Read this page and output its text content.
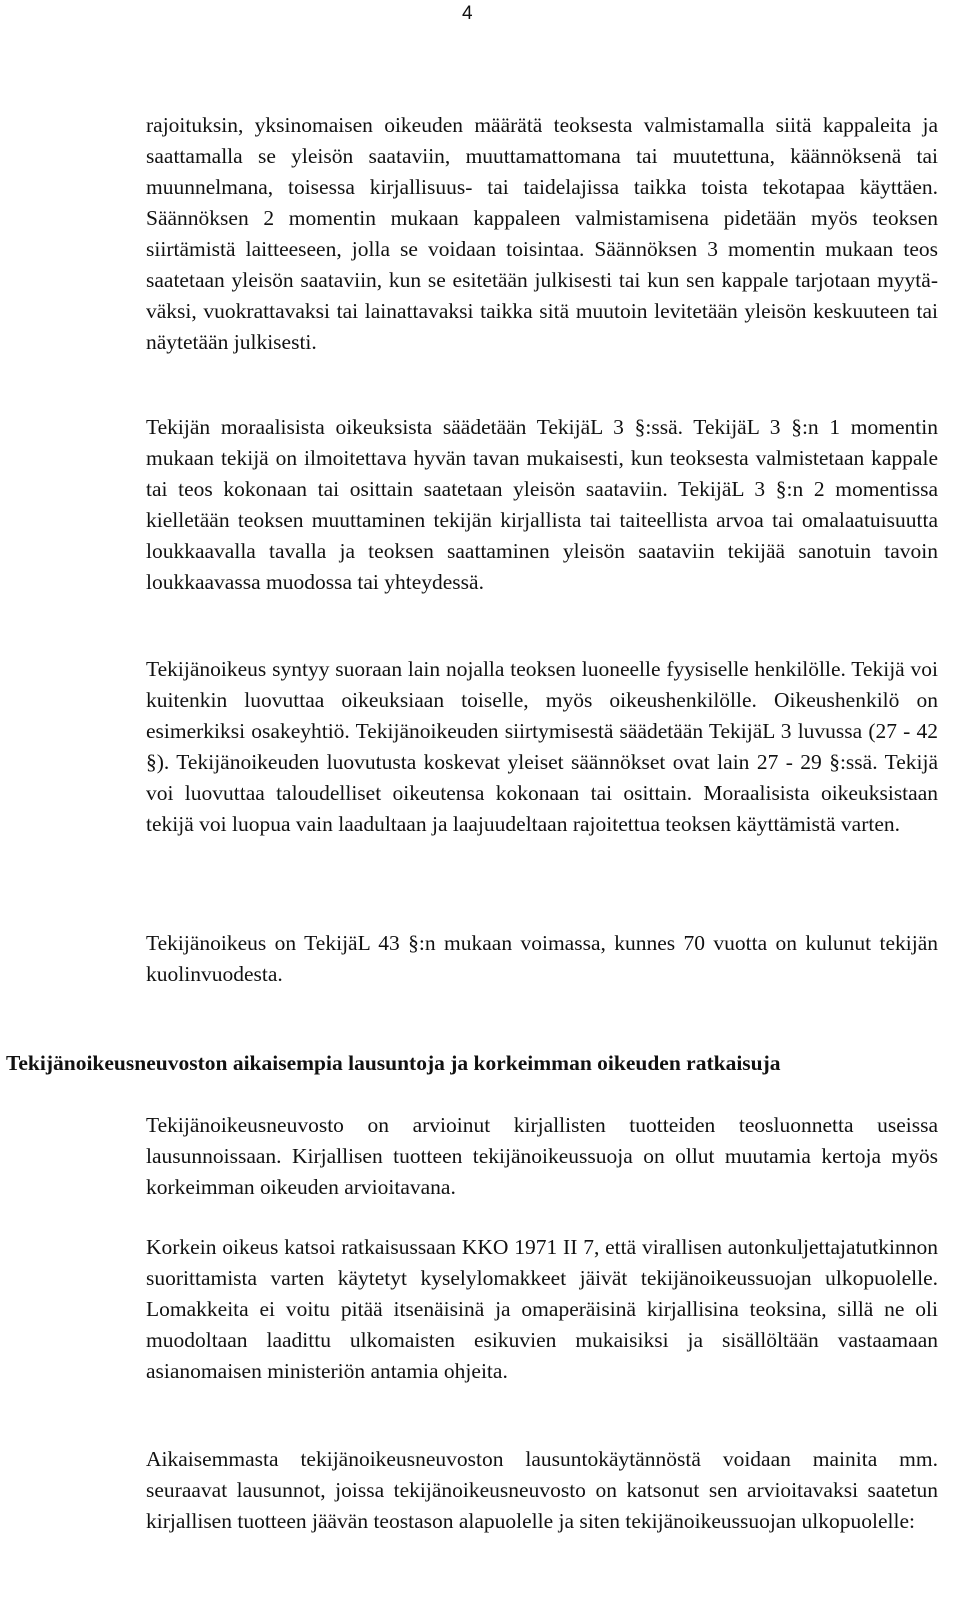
4

rajoituksin, yksinomaisen oikeuden määrätä teoksesta valmistamalla siitä kappaleita ja saattamalla se yleisön saataviin, muuttamattomana tai muutettuna, käännöksenä tai muunnelmana, toisessa kirjallisuus- tai taidelajissa taikka toista tekotapaa käyttäen. Säännöksen 2 momentin mukaan kappaleen valmistamisena pidetään myös teoksen siirtämistä laitteeseen, jolla se voidaan toisintaa. Säännöksen 3 momentin mukaan teos saatetaan yleisön saataviin, kun se esitetään julkisesti tai kun sen kappale tarjotaan myytäväksi, vuokrattavaksi tai lainattavaksi taikka sitä muutoin levitetään yleisön keskuuteen tai näytetään julkisesti.

Tekijän moraalisista oikeuksista säädetään TekijäL 3 §:ssä. TekijäL 3 §:n 1 momentin mukaan tekijä on ilmoitettava hyvän tavan mukaisesti, kun teoksesta valmistetaan kappale tai teos kokonaan tai osittain saatetaan yleisön saataviin. TekijäL 3 §:n 2 momentissa kielletään teoksen muuttaminen tekijän kirjallista tai taiteellista arvoa tai omalaatuisuutta loukkaavalla tavalla ja teoksen saattaminen yleisön saataviin tekijää sanotuin tavoin loukkaavassa muodossa tai yhteydessä.

Tekijänoikeus syntyy suoraan lain nojalla teoksen luoneelle fyysiselle henkilölle. Tekijä voi kuitenkin luovuttaa oikeuksiaan toiselle, myös oikeushenkilölle. Oikeushenkilö on esimerkiksi osakeyhtiö. Tekijänoikeuden siirtymisestä säädetään TekijäL 3 luvussa (27 - 42 §). Tekijänoikeuden luovutusta koskevat yleiset säännökset ovat lain 27 - 29 §:ssä. Tekijä voi luovuttaa taloudelliset oikeutensa kokonaan tai osittain. Moraalisista oikeuksistaan tekijä voi luopua vain laadultaan ja laajuudeltaan rajoitettua teoksen käyttämistä varten.

Tekijänoikeus on TekijäL 43 §:n mukaan voimassa, kunnes 70 vuotta on kulunut tekijän kuolinvuodesta.

Tekijänoikeusneuvoston aikaisempia lausuntoja ja korkeimman oikeuden ratkaisuja

Tekijänoikeusneuvosto on arvioinut kirjallisten tuotteiden teosluonnetta useissa lausunnoissaan. Kirjallisen tuotteen tekijänoikeussuoja on ollut muutamia kertoja myös korkeimman oikeuden arvioitavana.

Korkein oikeus katsoi ratkaisussaan KKO 1971 II 7, että virallisen autonkuljettajatutkinnon suorittamista varten käytetyt kyselylomakkeet jäivät tekijänoikeussuojan ulkopuolelle. Lomakkeita ei voitu pitää itsenäisinä ja omaperäisinä kirjallisina teoksina, sillä ne oli muodoltaan laadittu ulkomaisten esikuvien mukaisiksi ja sisällöltään vastaamaan asianomaisen ministeriön antamia ohjeita.

Aikaisemmasta tekijänoikeusneuvoston lausuntokäytännöstä voidaan mainita mm. seuraavat lausunnot, joissa tekijänoikeusneuvosto on katsonut sen arvioitavaksi saatetun kirjallisen tuotteen jäävän teostason alapuolelle ja siten tekijänoikeussuojan ulkopuolelle:
